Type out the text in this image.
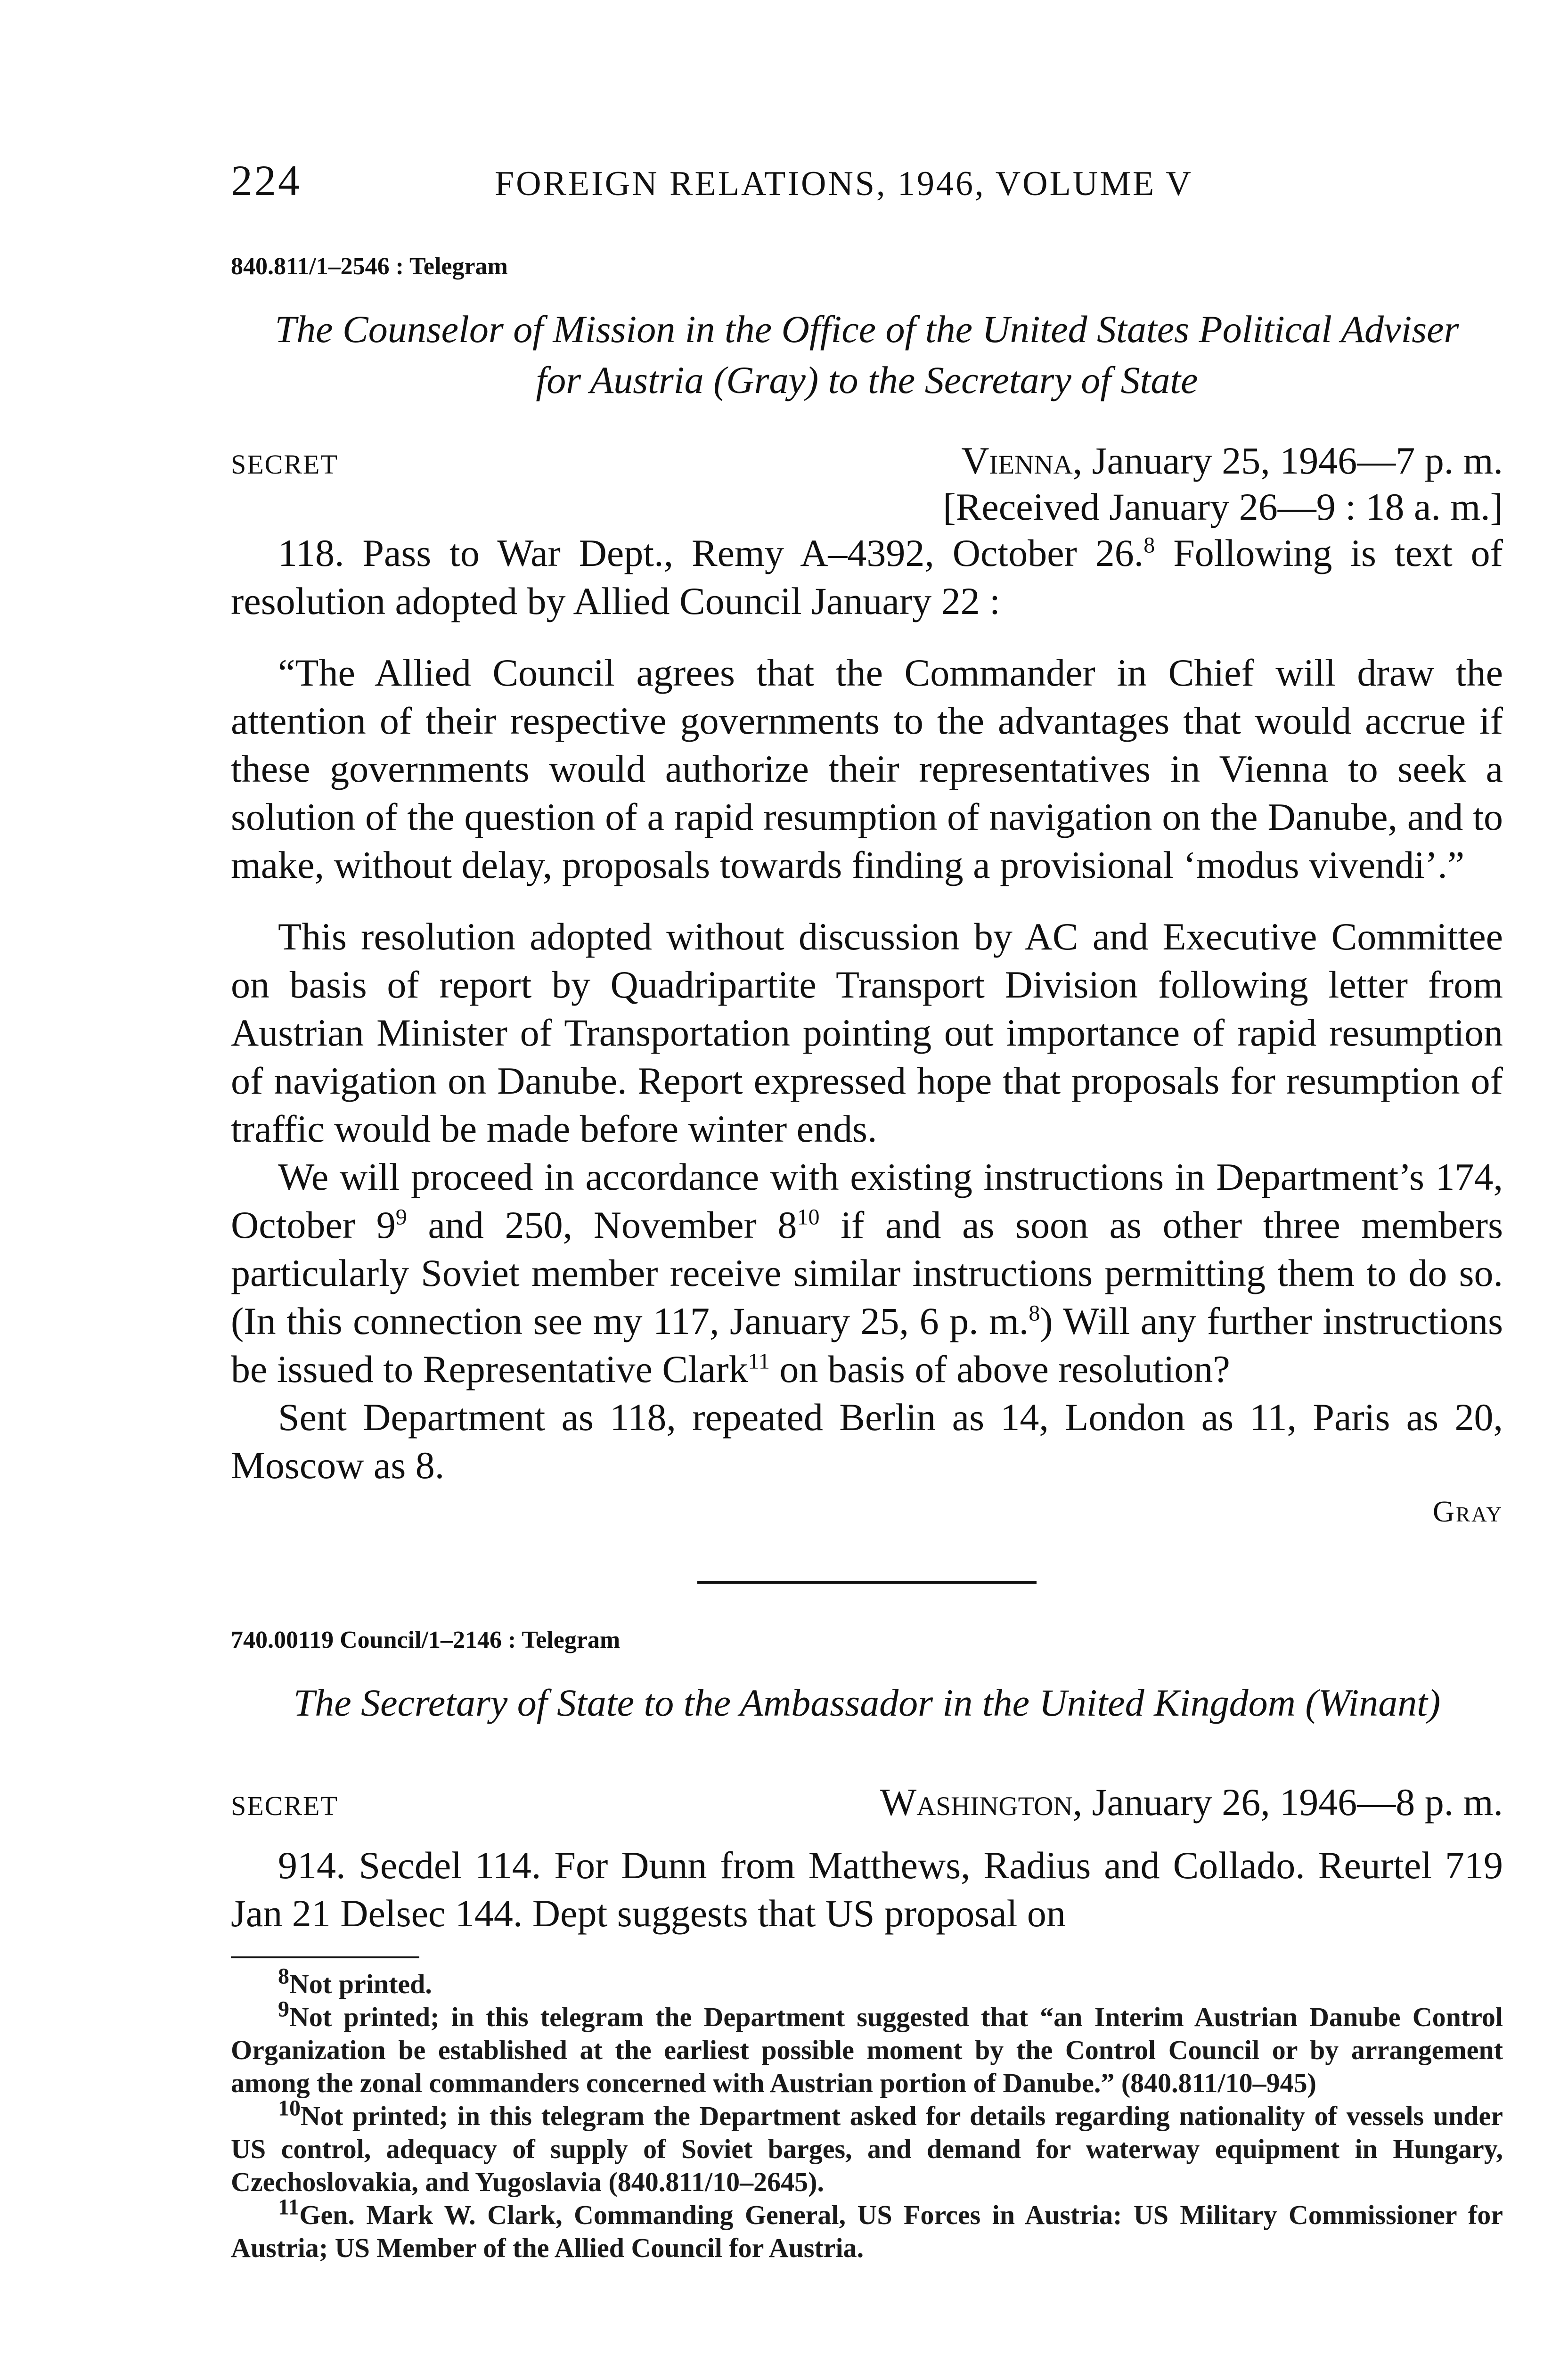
224	FOREIGN RELATIONS, 1946, VOLUME V
840.811/1–2546 : Telegram
The Counselor of Mission in the Office of the United States Political Adviser for Austria (Gray) to the Secretary of State
SECRET	Vienna, January 25, 1946—7 p. m.
[Received January 26—9 : 18 a. m.]

118. Pass to War Dept., Remy A–4392, October 26.$^8$ Following is text of resolution adopted by Allied Council January 22 :

“The Allied Council agrees that the Commander in Chief will draw the attention of their respective governments to the advantages that would accrue if these governments would authorize their representatives in Vienna to seek a solution of the question of a rapid resumption of navigation on the Danube, and to make, without delay, proposals towards finding a provisional ‘modus vivendi’.”

This resolution adopted without discussion by AC and Executive Committee on basis of report by Quadripartite Transport Division following letter from Austrian Minister of Transportation pointing out importance of rapid resumption of navigation on Danube. Report expressed hope that proposals for resumption of traffic would be made before winter ends.

We will proceed in accordance with existing instructions in Department’s 174, October $9^9$ and 250, November $8^{10}$ if and as soon as other three members particularly Soviet member receive similar instructions permitting them to do so. (In this connection see my 117, January 25, 6 p. m.$^8$) Will any further instructions be issued to Representative Clark$^{11}$ on basis of above resolution?

Sent Department as 118, repeated Berlin as 14, London as 11, Paris as 20, Moscow as 8.

Gray
740.00119 Council/1–2146 : Telegram
The Secretary of State to the Ambassador in the United Kingdom (Winant)
SECRET	Washington, January 26, 1946—8 p. m.

914. Secdel 114. For Dunn from Matthews, Radius and Collado. Reurtel 719 Jan 21 Delsec 144. Dept suggests that US proposal on

$^8$Not printed.

$^9$Not printed; in this telegram the Department suggested that “an Interim Austrian Danube Control Organization be established at the earliest possible moment by the Control Council or by arrangement among the zonal commanders concerned with Austrian portion of Danube.” (840.811/10–945)

$^{10}$Not printed; in this telegram the Department asked for details regarding nationality of vessels under US control, adequacy of supply of Soviet barges, and demand for waterway equipment in Hungary, Czechoslovakia, and Yugoslavia (840.811/10–2645).

$^{11}$Gen. Mark W. Clark, Commanding General, US Forces in Austria: US Military Commissioner for Austria; US Member of the Allied Council for Austria.
